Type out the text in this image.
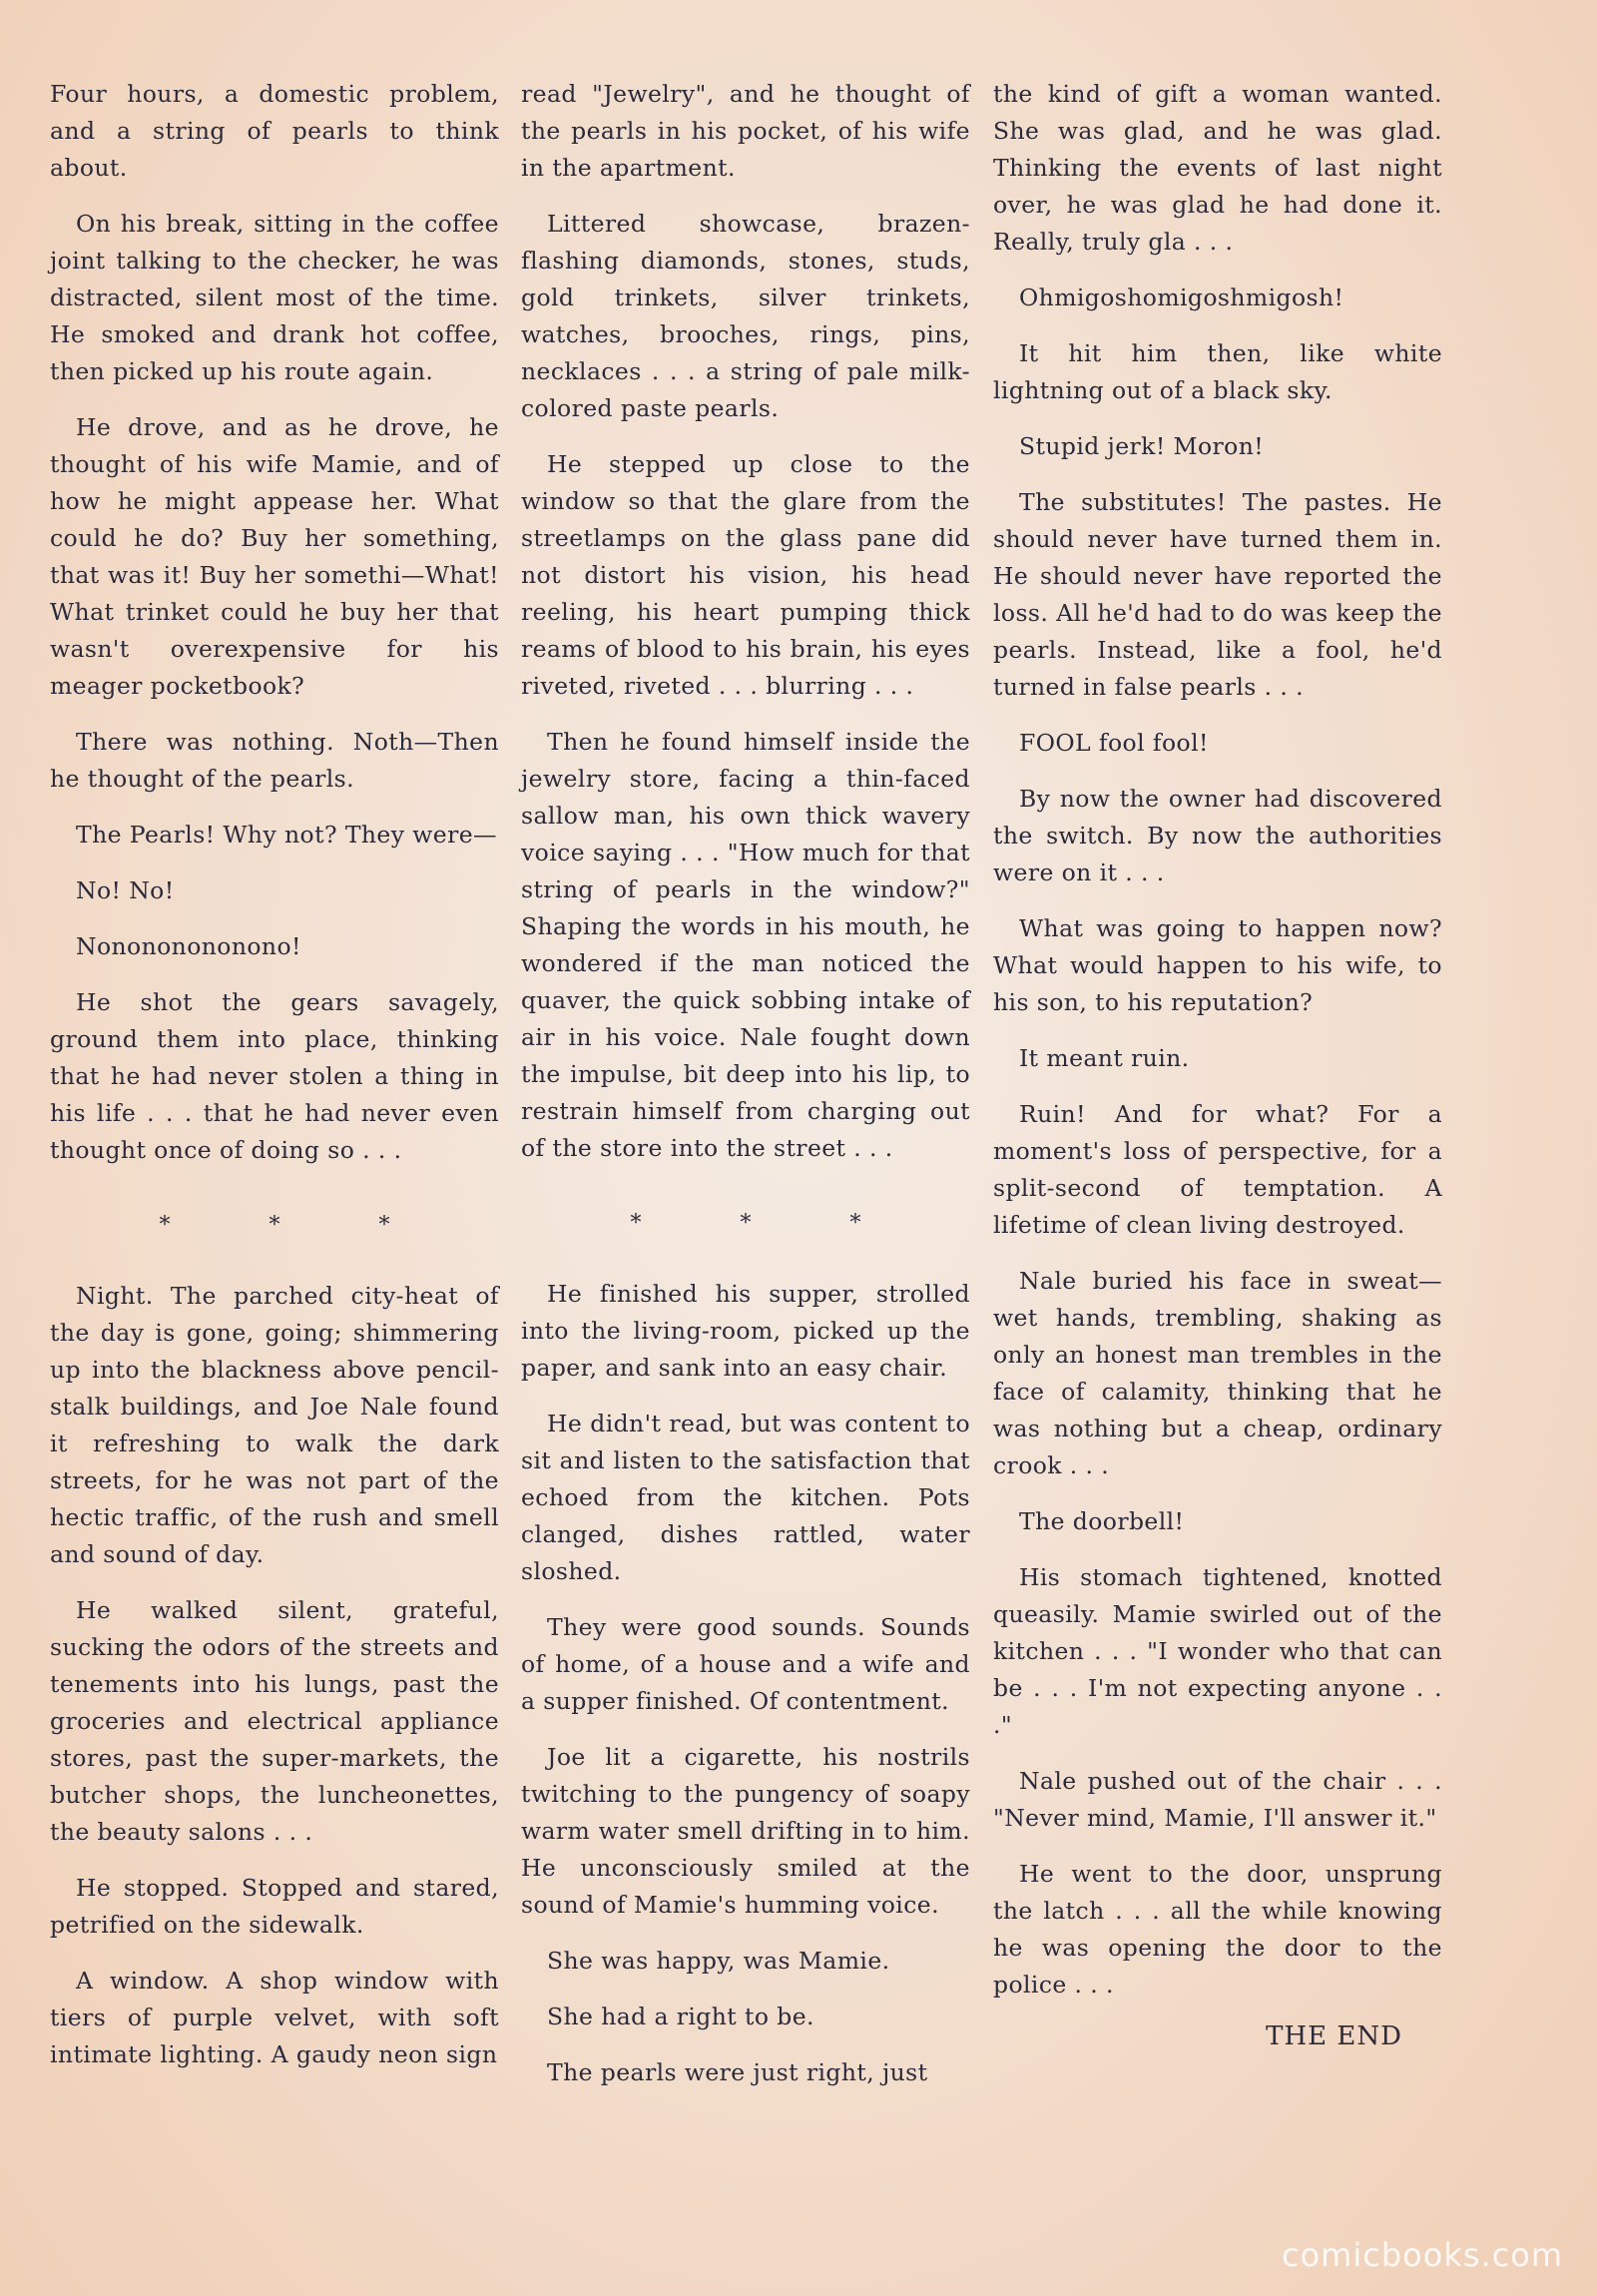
Four hours, a domestic problem, and a string of pearls to think about.

On his break, sitting in the coffee joint talking to the checker, he was distracted, silent most of the time. He smoked and drank hot coffee, then picked up his route again.

He drove, and as he drove, he thought of his wife Mamie, and of how he might appease her. What could he do? Buy her something, that was it! Buy her somethi—What! What trinket could he buy her that wasn't overexpensive for his meager pocketbook?

There was nothing. Noth—Then he thought of the pearls.

The Pearls! Why not? They were—

No! No!

Nonononononono!

He shot the gears savagely, ground them into place, thinking that he had never stolen a thing in his life . . . that he had never even thought once of doing so . . .

* * *

Night. The parched city-heat of the day is gone, going; shimmering up into the blackness above pencil-stalk buildings, and Joe Nale found it refreshing to walk the dark streets, for he was not part of the hectic traffic, of the rush and smell and sound of day.

He walked silent, grateful, sucking the odors of the streets and tenements into his lungs, past the groceries and electrical appliance stores, past the super-markets, the butcher shops, the luncheonettes, the beauty salons . . .

He stopped. Stopped and stared, petrified on the sidewalk.

A window. A shop window with tiers of purple velvet, with soft intimate lighting. A gaudy neon sign

read "Jewelry", and he thought of the pearls in his pocket, of his wife in the apartment.

Littered showcase, brazen-flashing diamonds, stones, studs, gold trinkets, silver trinkets, watches, brooches, rings, pins, necklaces . . . a string of pale milk-colored paste pearls.

He stepped up close to the window so that the glare from the streetlamps on the glass pane did not distort his vision, his head reeling, his heart pumping thick reams of blood to his brain, his eyes riveted, riveted . . . blurring . . .

Then he found himself inside the jewelry store, facing a thin-faced sallow man, his own thick wavery voice saying . . . "How much for that string of pearls in the window?" Shaping the words in his mouth, he wondered if the man noticed the quaver, the quick sobbing intake of air in his voice. Nale fought down the impulse, bit deep into his lip, to restrain himself from charging out of the store into the street . . .

* * *

He finished his supper, strolled into the living-room, picked up the paper, and sank into an easy chair.

He didn't read, but was content to sit and listen to the satisfaction that echoed from the kitchen. Pots clanged, dishes rattled, water sloshed.

They were good sounds. Sounds of home, of a house and a wife and a supper finished. Of contentment.

Joe lit a cigarette, his nostrils twitching to the pungency of soapy warm water smell drifting in to him. He unconsciously smiled at the sound of Mamie's humming voice.

She was happy, was Mamie.

She had a right to be.

The pearls were just right, just

the kind of gift a woman wanted. She was glad, and he was glad. Thinking the events of last night over, he was glad he had done it. Really, truly gla . . .

Ohmigoshomigoshmigosh!

It hit him then, like white lightning out of a black sky.

Stupid jerk! Moron!

The substitutes! The pastes. He should never have turned them in. He should never have reported the loss. All he'd had to do was keep the pearls. Instead, like a fool, he'd turned in false pearls . . .

FOOL fool fool!

By now the owner had discovered the switch. By now the authorities were on it . . .

What was going to happen now? What would happen to his wife, to his son, to his reputation?

It meant ruin.

Ruin! And for what? For a moment's loss of perspective, for a split-second of temptation. A lifetime of clean living destroyed.

Nale buried his face in sweat—wet hands, trembling, shaking as only an honest man trembles in the face of calamity, thinking that he was nothing but a cheap, ordinary crook . . .

The doorbell!

His stomach tightened, knotted queasily. Mamie swirled out of the kitchen . . . "I wonder who that can be . . . I'm not expecting anyone . . ."

Nale pushed out of the chair . . . "Never mind, Mamie, I'll answer it."

He went to the door, unsprung the latch . . . all the while knowing he was opening the door to the police . . .

THE END
comicbooks.com
